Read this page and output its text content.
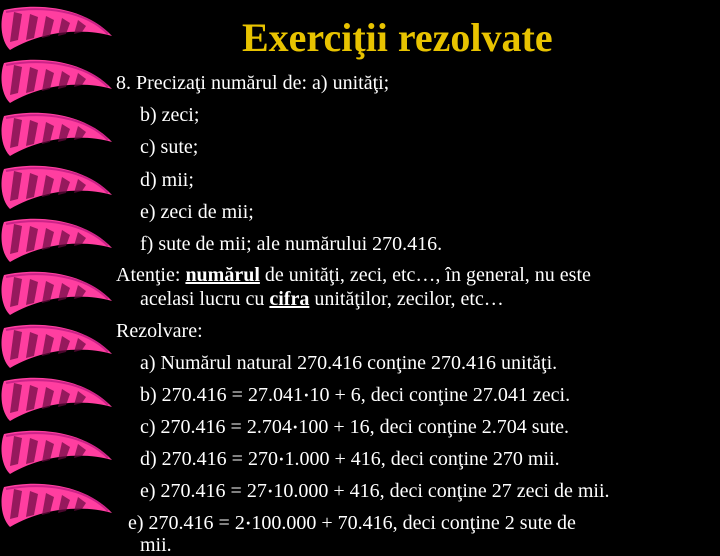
Exerciţii rezolvate
8. Precizaţi numărul de: a) unităţi;
b) zeci;
c) sute;
d) mii;
e) zeci de mii;
f) sute de mii; ale numărului 270.416.
Atenţie: numărul de unităţi, zeci, etc…, în general, nu este
acelasi lucru cu cifra unităţilor, zecilor, etc…
Rezolvare:
a) Numărul natural 270.416 conţine 270.416 unităţi.
b) 270.416 = 27.041∙10 + 6, deci conţine 27.041 zeci.
c) 270.416 = 2.704∙100 + 16, deci conţine 2.704 sute.
d) 270.416 = 270∙1.000 + 416, deci conţine 270 mii.
e) 270.416 = 27∙10.000 + 416, deci conţine 27 zeci de mii.
e) 270.416 = 2∙100.000 + 70.416, deci conţine 2 sute de
mii.
